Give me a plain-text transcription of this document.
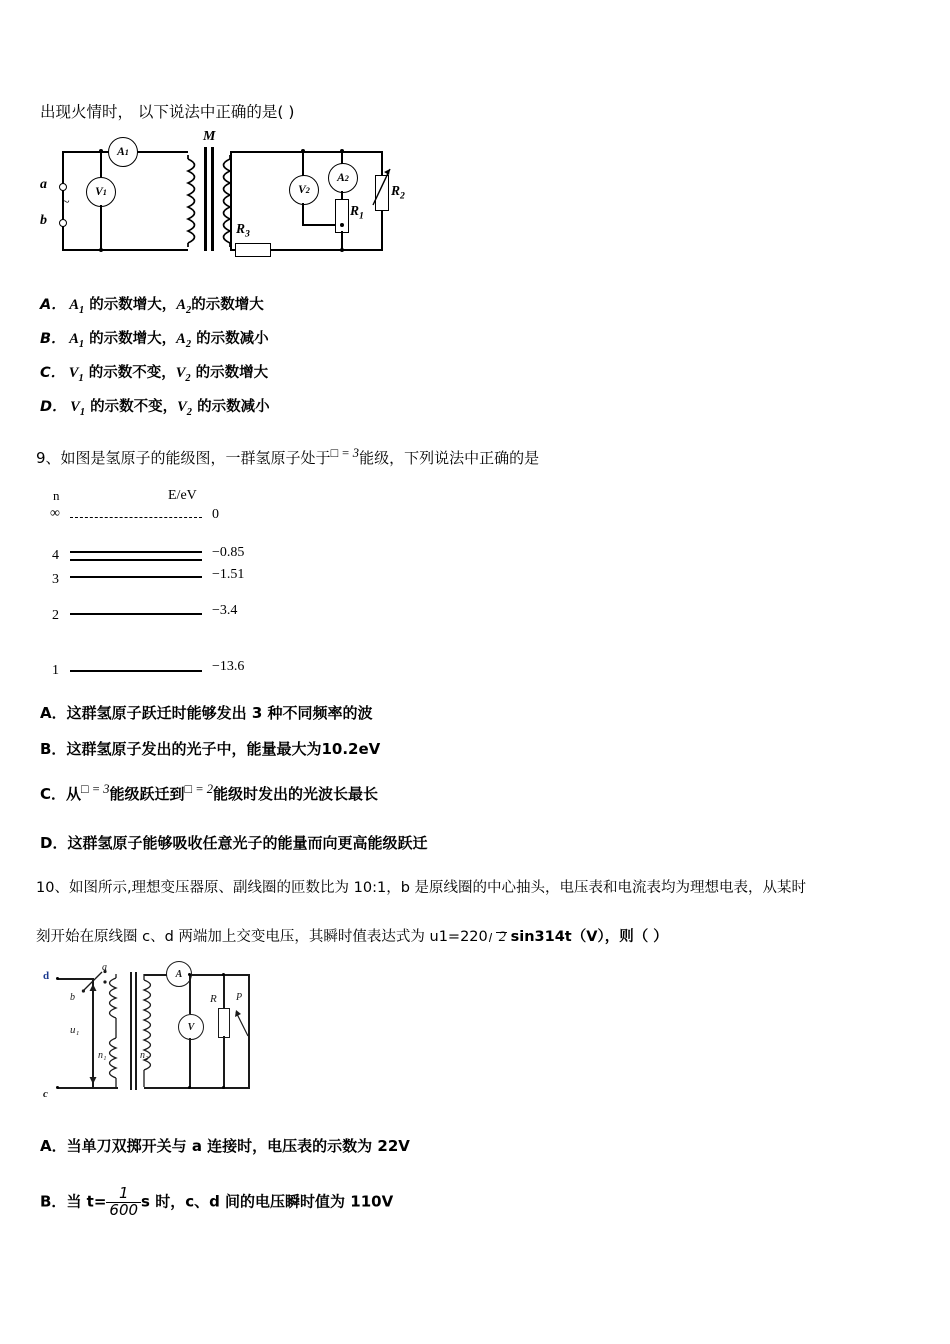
出现火情时， 以下说法中正确的是( )
A 1
V 1
a
b
~
M
A 2
V 2
$R_1$
$R_2$
$R_3$
A． $A_1$ 的示数增大，$A_2$的示数增大
B． $A_1$ 的示数增大，$A_2$ 的示数减小
C． $V_1$ 的示数不变，$V_2$ 的示数增大
D． $V_1$ 的示数不变，$V_2$ 的示数减小
9、如图是氢原子的能级图，一群氢原子处于$^{□ = 3}$能级，下列说法中正确的是
n	E/eV
∞	0
4	−0.85
3	−1.51
2	−3.4
1	−13.6
A．这群氢原子跃迁时能够发出 3 种不同频率的波
B．这群氢原子发出的光子中，能量最大为10.2eV
C．从$^{□ = 3}$能级跃迁到$^{□ = 2}$能级时发出的光波长最长
D．这群氢原子能够吸收任意光子的能量而向更高能级跃迁
10、如图所示,理想变压器原、副线圈的匝数比为 10:1，b 是原线圈的中心抽头，电压表和电流表均为理想电表，从某时
刻开始在原线圈 c、d 两端加上交变电压，其瞬时值表达式为 u1=220 2 sin314t（V），则（ ）
u₁
d
a
b
c
n₁	n₂
A
V
R P
A．当单刀双掷开关与 a 连接时，电压表的示数为 22V
B．当 $t= \frac{1}{600}$ s 时，c、d 间的电压瞬时值为 110V
